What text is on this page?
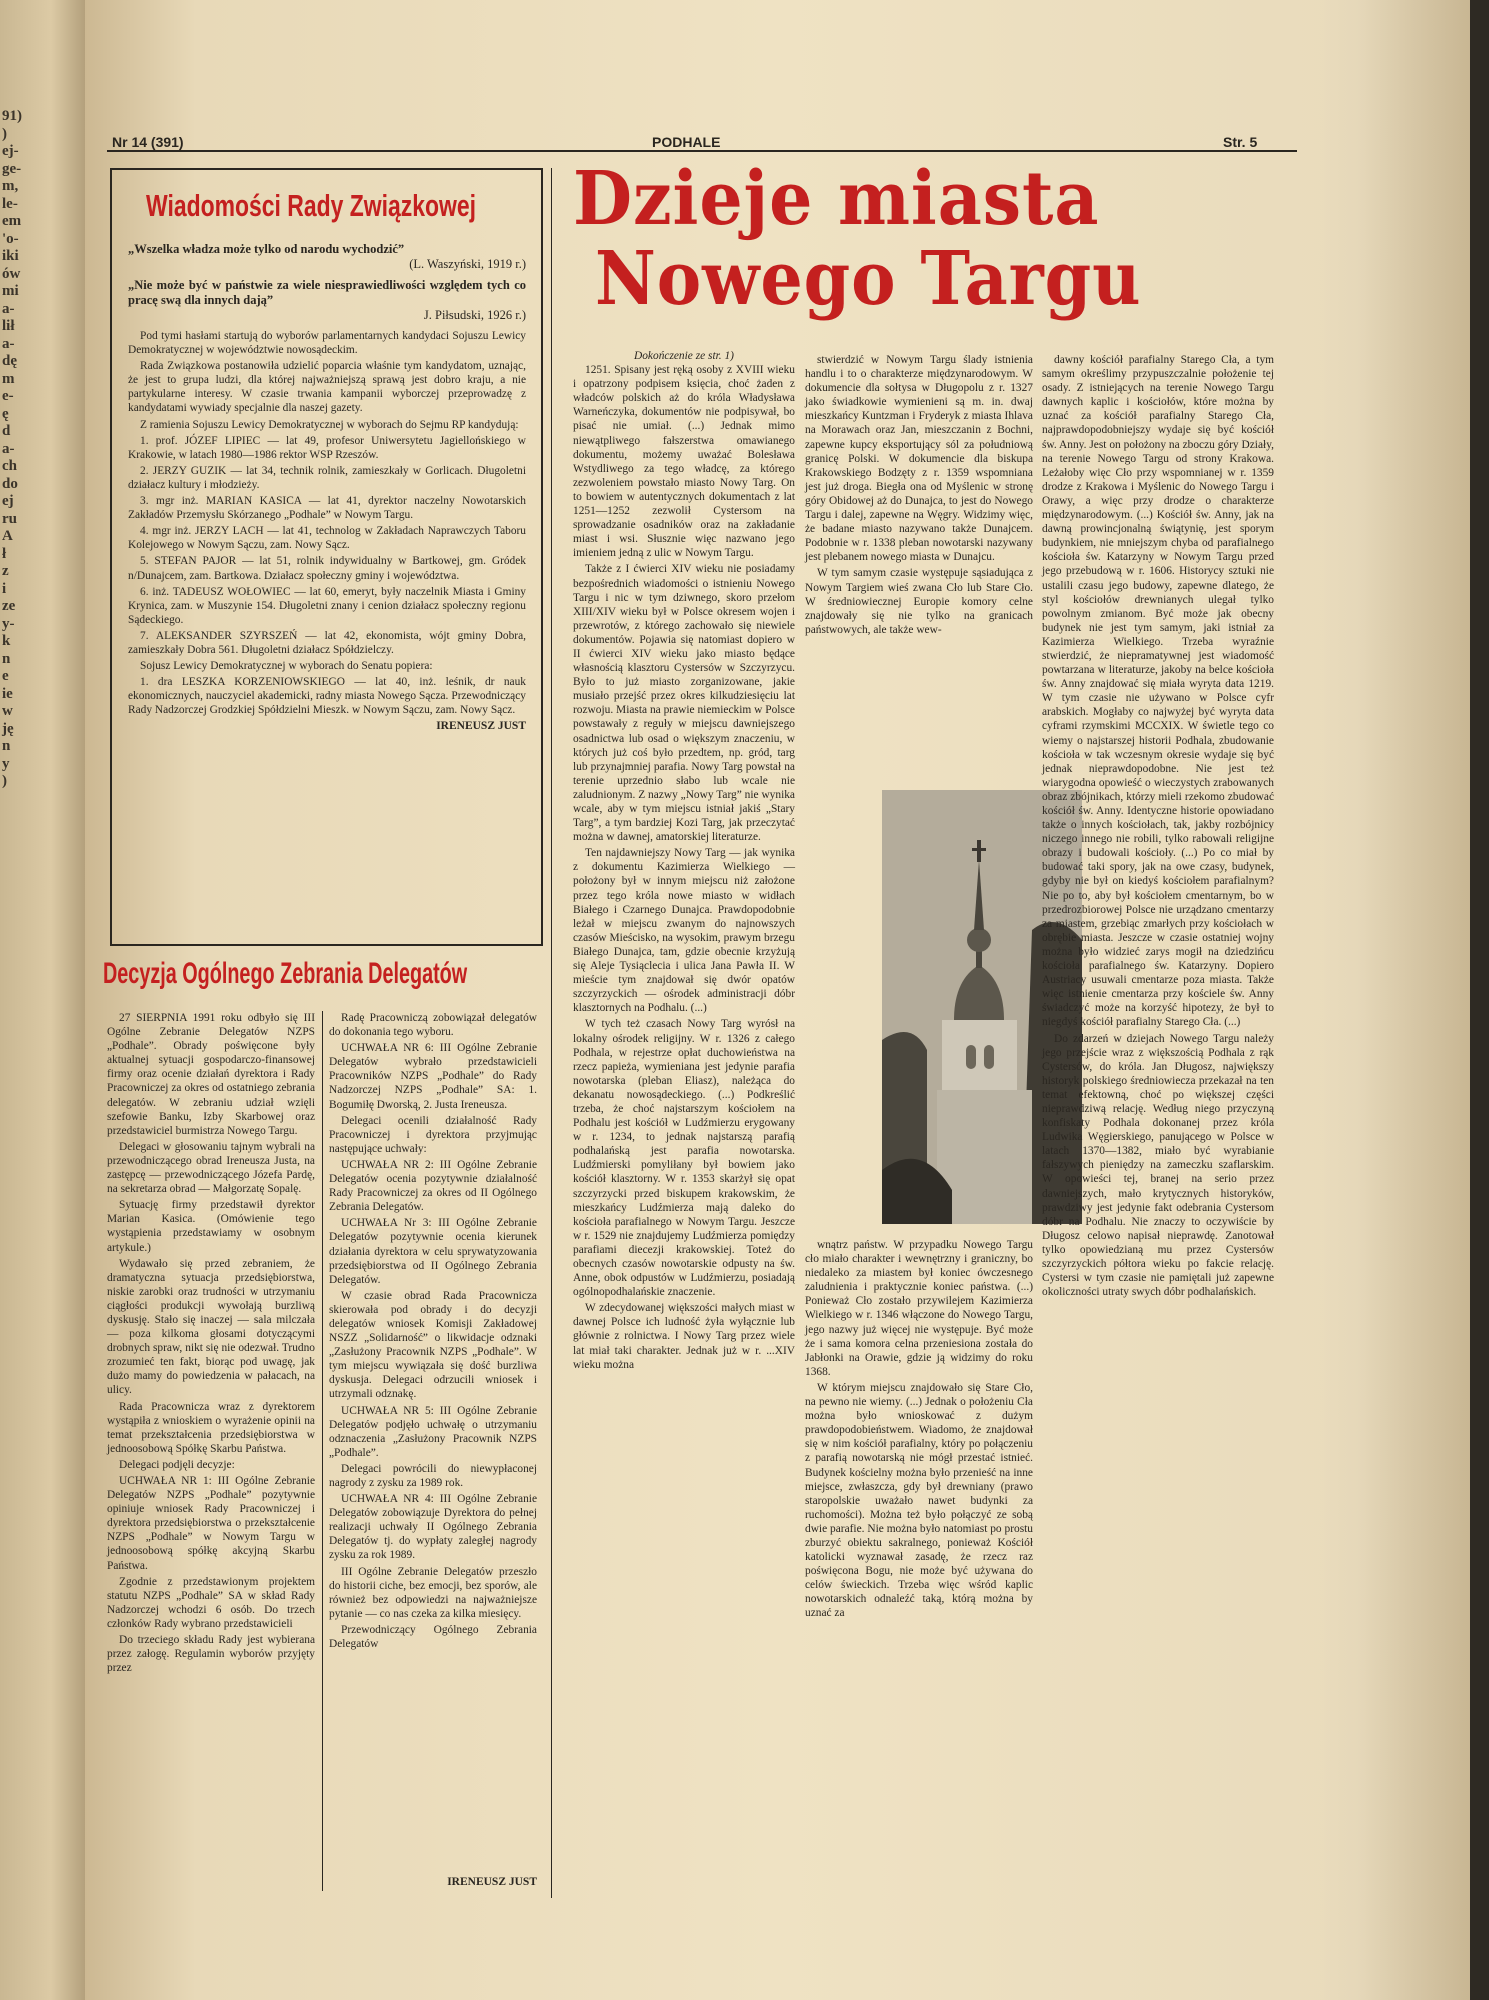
91)
)
ej-
ge-
m,
le-
em
'o-
iki
ów
mi
a-
lił
a-
dę
m
e-
ę
d
a-
ch
do
ej
ru
A
ł
z
i
ze
y-
k
n
e
ie
w
ję
n
y
)
Nr 14 (391)	PODHALE	Str. 5
Wiadomości Rady Związkowej
„Wszelka władza może tylko od narodu wychodzić”
(L. Waszyński, 1919 r.)
„Nie może być w państwie za wiele niesprawiedliwości względem tych co pracę swą dla innych dają”
J. Piłsudski, 1926 r.)

Pod tymi hasłami startują do wyborów parlamentarnych kandydaci Sojuszu Lewicy Demokratycznej w województwie nowosądeckim.

Rada Związkowa postanowiła udzielić poparcia właśnie tym kandydatom, uznając, że jest to grupa ludzi, dla której najważniejszą sprawą jest dobro kraju, a nie partykularne interesy. W czasie trwania kampanii wyborczej przeprowadzę z kandydatami wywiady specjalnie dla naszej gazety.

Z ramienia Sojuszu Lewicy Demokratycznej w wyborach do Sejmu RP kandydują:

1. prof. JÓZEF LIPIEC — lat 49, profesor Uniwersytetu Jagiellońskiego w Krakowie, w latach 1980—1986 rektor WSP Rzeszów.

2. JERZY GUZIK — lat 34, technik rolnik, zamieszkały w Gorlicach. Długoletni działacz kultury i młodzieży.

3. mgr inż. MARIAN KASICA — lat 41, dyrektor naczelny Nowotarskich Zakładów Przemysłu Skórzanego „Podhale” w Nowym Targu.

4. mgr inż. JERZY LACH — lat 41, technolog w Zakładach Naprawczych Taboru Kolejowego w Nowym Sączu, zam. Nowy Sącz.

5. STEFAN PAJOR — lat 51, rolnik indywidualny w Bartkowej, gm. Gródek n/Dunajcem, zam. Bartkowa. Działacz społeczny gminy i województwa.

6. inż. TADEUSZ WOŁOWIEC — lat 60, emeryt, były naczelnik Miasta i Gminy Krynica, zam. w Muszynie 154. Długoletni znany i cenion działacz społeczny regionu Sądeckiego.

7. ALEKSANDER SZYRSZEŃ — lat 42, ekonomista, wójt gminy Dobra, zamieszkały Dobra 561. Długoletni działacz Spółdzielczy.

Sojusz Lewicy Demokratycznej w wyborach do Senatu popiera:

1. dra LESZKA KORZENIOWSKIEGO — lat 40, inż. leśnik, dr nauk ekonomicznych, nauczyciel akademicki, radny miasta Nowego Sącza. Przewodniczący Rady Nadzorczej Grodzkiej Spółdzielni Mieszk. w Nowym Sączu, zam. Nowy Sącz.

IRENEUSZ JUST
Decyzja Ogólnego Zebrania Delegatów

27 SIERPNIA 1991 roku odbyło się III Ogólne Zebranie Delegatów NZPS „Podhale”. Obrady poświęcone były aktualnej sytuacji gospodarczo-finansowej firmy oraz ocenie działań dyrektora i Rady Pracowniczej za okres od ostatniego zebrania delegatów. W zebraniu udział wzięli szefowie Banku, Izby Skarbowej oraz przedstawiciel burmistrza Nowego Targu.

Delegaci w głosowaniu tajnym wybrali na przewodniczącego obrad Ireneusza Justa, na zastępcę — przewodniczącego Józefa Pardę, na sekretarza obrad — Małgorzatę Sopalę.

Sytuację firmy przedstawił dyrektor Marian Kasica. (Omówienie tego wystąpienia przedstawiamy w osobnym artykule.)

Wydawało się przed zebraniem, że dramatyczna sytuacja przedsiębiorstwa, niskie zarobki oraz trudności w utrzymaniu ciągłości produkcji wywołają burzliwą dyskusję. Stało się inaczej — sala milczała — poza kilkoma głosami dotyczącymi drobnych spraw, nikt się nie odezwał. Trudno zrozumieć ten fakt, biorąc pod uwagę, jak dużo mamy do powiedzenia w pałacach, na ulicy.

Rada Pracownicza wraz z dyrektorem wystąpiła z wnioskiem o wyrażenie opinii na temat przekształcenia przedsiębiorstwa w jednoosobową Spółkę Skarbu Państwa.

Delegaci podjęli decyzje:

UCHWAŁA NR 1: III Ogólne Zebranie Delegatów NZPS „Podhale” pozytywnie opiniuje wniosek Rady Pracowniczej i dyrektora przedsiębiorstwa o przekształcenie NZPS „Podhale” w Nowym Targu w jednoosobową spółkę akcyjną Skarbu Państwa.

Zgodnie z przedstawionym projektem statutu NZPS „Podhale” SA w skład Rady Nadzorczej wchodzi 6 osób. Do trzech członków Rady wybrano przedstawicieli

Do trzeciego składu Rady jest wybierana przez załogę. Regulamin wyborów przyjęty przez

Radę Pracowniczą zobowiązał delegatów do dokonania tego wyboru.

UCHWAŁA NR 6: III Ogólne Zebranie Delegatów wybrało przedstawicieli Pracowników NZPS „Podhale” do Rady Nadzorczej NZPS „Podhale” SA: 1. Bogumiłę Dworską, 2. Justa Ireneusza.

Delegaci ocenili działalność Rady Pracowniczej i dyrektora przyjmując następujące uchwały:

UCHWAŁA NR 2: III Ogólne Zebranie Delegatów ocenia pozytywnie działalność Rady Pracowniczej za okres od II Ogólnego Zebrania Delegatów.

UCHWAŁA Nr 3: III Ogólne Zebranie Delegatów pozytywnie ocenia kierunek działania dyrektora w celu sprywatyzowania przedsiębiorstwa od II Ogólnego Zebrania Delegatów.

W czasie obrad Rada Pracownicza skierowała pod obrady i do decyzji delegatów wniosek Komisji Zakładowej NSZZ „Solidarność” o likwidacje odznaki „Zasłużony Pracownik NZPS „Podhale”. W tym miejscu wywiązała się dość burzliwa dyskusja. Delegaci odrzucili wniosek i utrzymali odznakę.

UCHWAŁA NR 5: III Ogólne Zebranie Delegatów podjęło uchwałę o utrzymaniu odznaczenia „Zasłużony Pracownik NZPS „Podhale”.

Delegaci powrócili do niewypłaconej nagrody z zysku za 1989 rok.

UCHWAŁA NR 4: III Ogólne Zebranie Delegatów zobowiązuje Dyrektora do pełnej realizacji uchwały II Ogólnego Zebrania Delegatów tj. do wypłaty zaległej nagrody zysku za rok 1989.

III Ogólne Zebranie Delegatów przeszło do historii ciche, bez emocji, bez sporów, ale również bez odpowiedzi na najważniejsze pytanie — co nas czeka za kilka miesięcy.

Przewodniczący Ogólnego Zebrania Delegatów

IRENEUSZ JUST
Dzieje miasta
Nowego Targu
Dokończenie ze str. 1)

1251. Spisany jest ręką osoby z XVIII wieku i opatrzony podpisem księcia, choć żaden z władców polskich aż do króla Władysława Warneńczyka, dokumentów nie podpisywał, bo pisać nie umiał. (...) Jednak mimo niewątpliwego fałszerstwa omawianego dokumentu, możemy uważać Bolesława Wstydliwego za tego władcę, za którego zezwoleniem powstało miasto Nowy Targ. On to bowiem w autentycznych dokumentach z lat 1251—1252 zezwolił Cystersom na sprowadzanie osadników oraz na zakładanie miast i wsi. Słusznie więc nazwano jego imieniem jedną z ulic w Nowym Targu.

Także z I ćwierci XIV wieku nie posiadamy bezpośrednich wiadomości o istnieniu Nowego Targu i nic w tym dziwnego, skoro przełom XIII/XIV wieku był w Polsce okresem wojen i przewrotów, z którego zachowało się niewiele dokumentów. Pojawia się natomiast dopiero w II ćwierci XIV wieku jako miasto będące własnością klasztoru Cystersów w Szczyrzycu. Było to już miasto zorganizowane, jakie musiało przejść przez okres kilkudziesięciu lat rozwoju. Miasta na prawie niemieckim w Polsce powstawały z reguły w miejscu dawniejszego osadnictwa lub osad o większym znaczeniu, w których już coś było przedtem, np. gród, targ lub przynajmniej parafia. Nowy Targ powstał na terenie uprzednio słabo lub wcale nie zaludnionym. Z nazwy „Nowy Targ” nie wynika wcale, aby w tym miejscu istniał jakiś „Stary Targ”, a tym bardziej Kozi Targ, jak przeczytać można w dawnej, amatorskiej literaturze.

Ten najdawniejszy Nowy Targ — jak wynika z dokumentu Kazimierza Wielkiego — położony był w innym miejscu niż założone przez tego króla nowe miasto w widłach Białego i Czarnego Dunajca. Prawdopodobnie leżał w miejscu zwanym do najnowszych czasów Mieścisko, na wysokim, prawym brzegu Białego Dunajca, tam, gdzie obecnie krzyżują się Aleje Tysiąclecia i ulica Jana Pawła II. W mieście tym znajdował się dwór opatów szczyrzyckich — ośrodek administracji dóbr klasztornych na Podhalu. (...)

W tych też czasach Nowy Targ wyrósł na lokalny ośrodek religijny. W r. 1326 z całego Podhala, w rejestrze opłat duchowieństwa na rzecz papieża, wymieniana jest jedynie parafia nowotarska (pleban Eliasz), należąca do dekanatu nowosądeckiego. (...) Podkreślić trzeba, że choć najstarszym kościołem na Podhalu jest kościół w Ludźmierzu erygowany w r. 1234, to jednak najstarszą parafią podhalańską jest parafia nowotarska. Ludźmierski pomyliłany był bowiem jako kościół klasztorny. W r. 1353 skarżył się opat szczyrzycki przed biskupem krakowskim, że mieszkańcy Ludźmierza mają daleko do kościoła parafialnego w Nowym Targu. Jeszcze w r. 1529 nie znajdujemy Ludźmierza pomiędzy parafiami diecezji krakowskiej. Toteż do obecnych czasów nowotarskie odpusty na św. Anne, obok odpustów w Ludźmierzu, posiadają ogólnopodhalańskie znaczenie.

W zdecydowanej większości małych miast w dawnej Polsce ich ludność żyła wyłącznie lub głównie z rolnictwa. I Nowy Targ przez wiele lat miał taki charakter. Jednak już w r. ...XIV wieku można

stwierdzić w Nowym Targu ślady istnienia handlu i to o charakterze międzynarodowym. W dokumencie dla sołtysa w Długopolu z r. 1327 jako świadkowie wymienieni są m. in. dwaj mieszkańcy Kuntzman i Fryderyk z miasta Ihlava na Morawach oraz Jan, mieszczanin z Bochni, zapewne kupcy eksportujący sól za południową granicę Polski. W dokumencie dla biskupa Krakowskiego Bodzęty z r. 1359 wspomniana jest już droga. Biegła ona od Myślenic w stronę góry Obidowej aż do Dunajca, to jest do Nowego Targu i dalej, zapewne na Węgry. Widzimy więc, że badane miasto nazywano także Dunajcem. Podobnie w r. 1338 pleban nowotarski nazywany jest plebanem nowego miasta w Dunajcu.

W tym samym czasie występuje sąsiadująca z Nowym Targiem wieś zwana Cło lub Stare Cło. W średniowiecznej Europie komory celne znajdowały się nie tylko na granicach państwowych, ale także wew-

wnątrz państw. W przypadku Nowego Targu cło miało charakter i wewnętrzny i graniczny, bo niedaleko za miastem był koniec ówczesnego zaludnienia i praktycznie koniec państwa. (...) Ponieważ Cło zostało przywilejem Kazimierza Wielkiego w r. 1346 włączone do Nowego Targu, jego nazwy już więcej nie występuje. Być może że i sama komora celna przeniesiona została do Jabłonki na Orawie, gdzie ją widzimy do roku 1368.

W którym miejscu znajdowało się Stare Cło, na pewno nie wiemy. (...) Jednak o położeniu Cła można było wnioskować z dużym prawdopodobieństwem. Wiadomo, że znajdował się w nim kościół parafialny, który po połączeniu z parafią nowotarską nie mógł przestać istnieć. Budynek kościelny można było przenieść na inne miejsce, zwłaszcza, gdy był drewniany (prawo staropolskie uważało nawet budynki za ruchomości). Można też było połączyć ze sobą dwie parafie. Nie można było natomiast po prostu zburzyć obiektu sakralnego, ponieważ Kościół katolicki wyznawał zasadę, że rzecz raz poświęcona Bogu, nie może być używana do celów świeckich. Trzeba więc wśród kaplic nowotarskich odnaleźć taką, którą można by uznać za

dawny kościół parafialny Starego Cła, a tym samym określimy przypuszczalnie położenie tej osady. Z istniejących na terenie Nowego Targu dawnych kaplic i kościołów, które można by uznać za kościół parafialny Starego Cła, najprawdopodobniejszy wydaje się być kościół św. Anny. Jest on położony na zboczu góry Działy, na terenie Nowego Targu od strony Krakowa. Leżałoby więc Cło przy wspomnianej w r. 1359 drodze z Krakowa i Myślenic do Nowego Targu i Orawy, a więc przy drodze o charakterze międzynarodowym. (...) Kościół św. Anny, jak na dawną prowincjonalną świątynię, jest sporym budynkiem, nie mniejszym chyba od parafialnego kościoła św. Katarzyny w Nowym Targu przed jego przebudową w r. 1606. Historycy sztuki nie ustalili czasu jego budowy, zapewne dlatego, że styl kościołów drewnianych ulegał tylko powolnym zmianom. Być może jak obecny budynek nie jest tym samym, jaki istniał za Kazimierza Wielkiego. Trzeba wyraźnie stwierdzić, że niepramatywnej jest wiadomość powtarzana w literaturze, jakoby na belce kościoła św. Anny znajdować się miała wyryta data 1219. W tym czasie nie używano w Polsce cyfr arabskich. Mogłaby co najwyżej być wyryta data cyframi rzymskimi MCCXIX. W świetle tego co wiemy o najstarszej historii Podhala, zbudowanie kościoła w tak wczesnym okresie wydaje się być jednak nieprawdopodobne. Nie jest też wiarygodna opowieść o wieczystych zrabowanych obraz zbójnikach, którzy mieli rzekomo zbudować kościół św. Anny. Identyczne historie opowiadano także o innych kościołach, tak, jakby rozbójnicy niczego innego nie robili, tylko rabowali religijne obrazy i budowali kościoły. (...) Po co miał by budować taki spory, jak na owe czasy, budynek, gdyby nie był on kiedyś kościołem parafialnym? Nie po to, aby był kościołem cmentarnym, bo w przedrozbiorowej Polsce nie urządzano cmentarzy za miastem, grzebiąc zmarłych przy kościołach w obrębie miasta. Jeszcze w czasie ostatniej wojny można było widzieć zarys mogił na dziedzińcu kościoła parafialnego św. Katarzyny. Dopiero Austriacy usuwali cmentarze poza miasta. Także więc istnienie cmentarza przy kościele św. Anny świadczyć może na korzyść hipotezy, że był to niegdyś kościół parafialny Starego Cła. (...)

Do zdarzeń w dziejach Nowego Targu należy jego przejście wraz z większością Podhala z rąk Cystersów, do króla. Jan Długosz, największy historyk polskiego średniowiecza przekazał na ten temat efektowną, choć po większej części nieprawdziwą relację. Według niego przyczyną konfiskaty Podhala dokonanej przez króla Ludwika Węgierskiego, panującego w Polsce w latach 1370—1382, miało być wyrabianie fałszywych pieniędzy na zameczku szaflarskim. W opowieści tej, branej na serio przez dawniejszych, mało krytycznych historyków, prawdziwy jest jedynie fakt odebrania Cystersom dóbr na Podhalu. Nie znaczy to oczywiście by Długosz celowo napisał nieprawdę. Zanotował tylko opowiedzianą mu przez Cystersów szczyrzyckich półtora wieku po fakcie relację. Cystersi w tym czasie nie pamiętali już zapewne okoliczności utraty swych dóbr podhalańskich.
